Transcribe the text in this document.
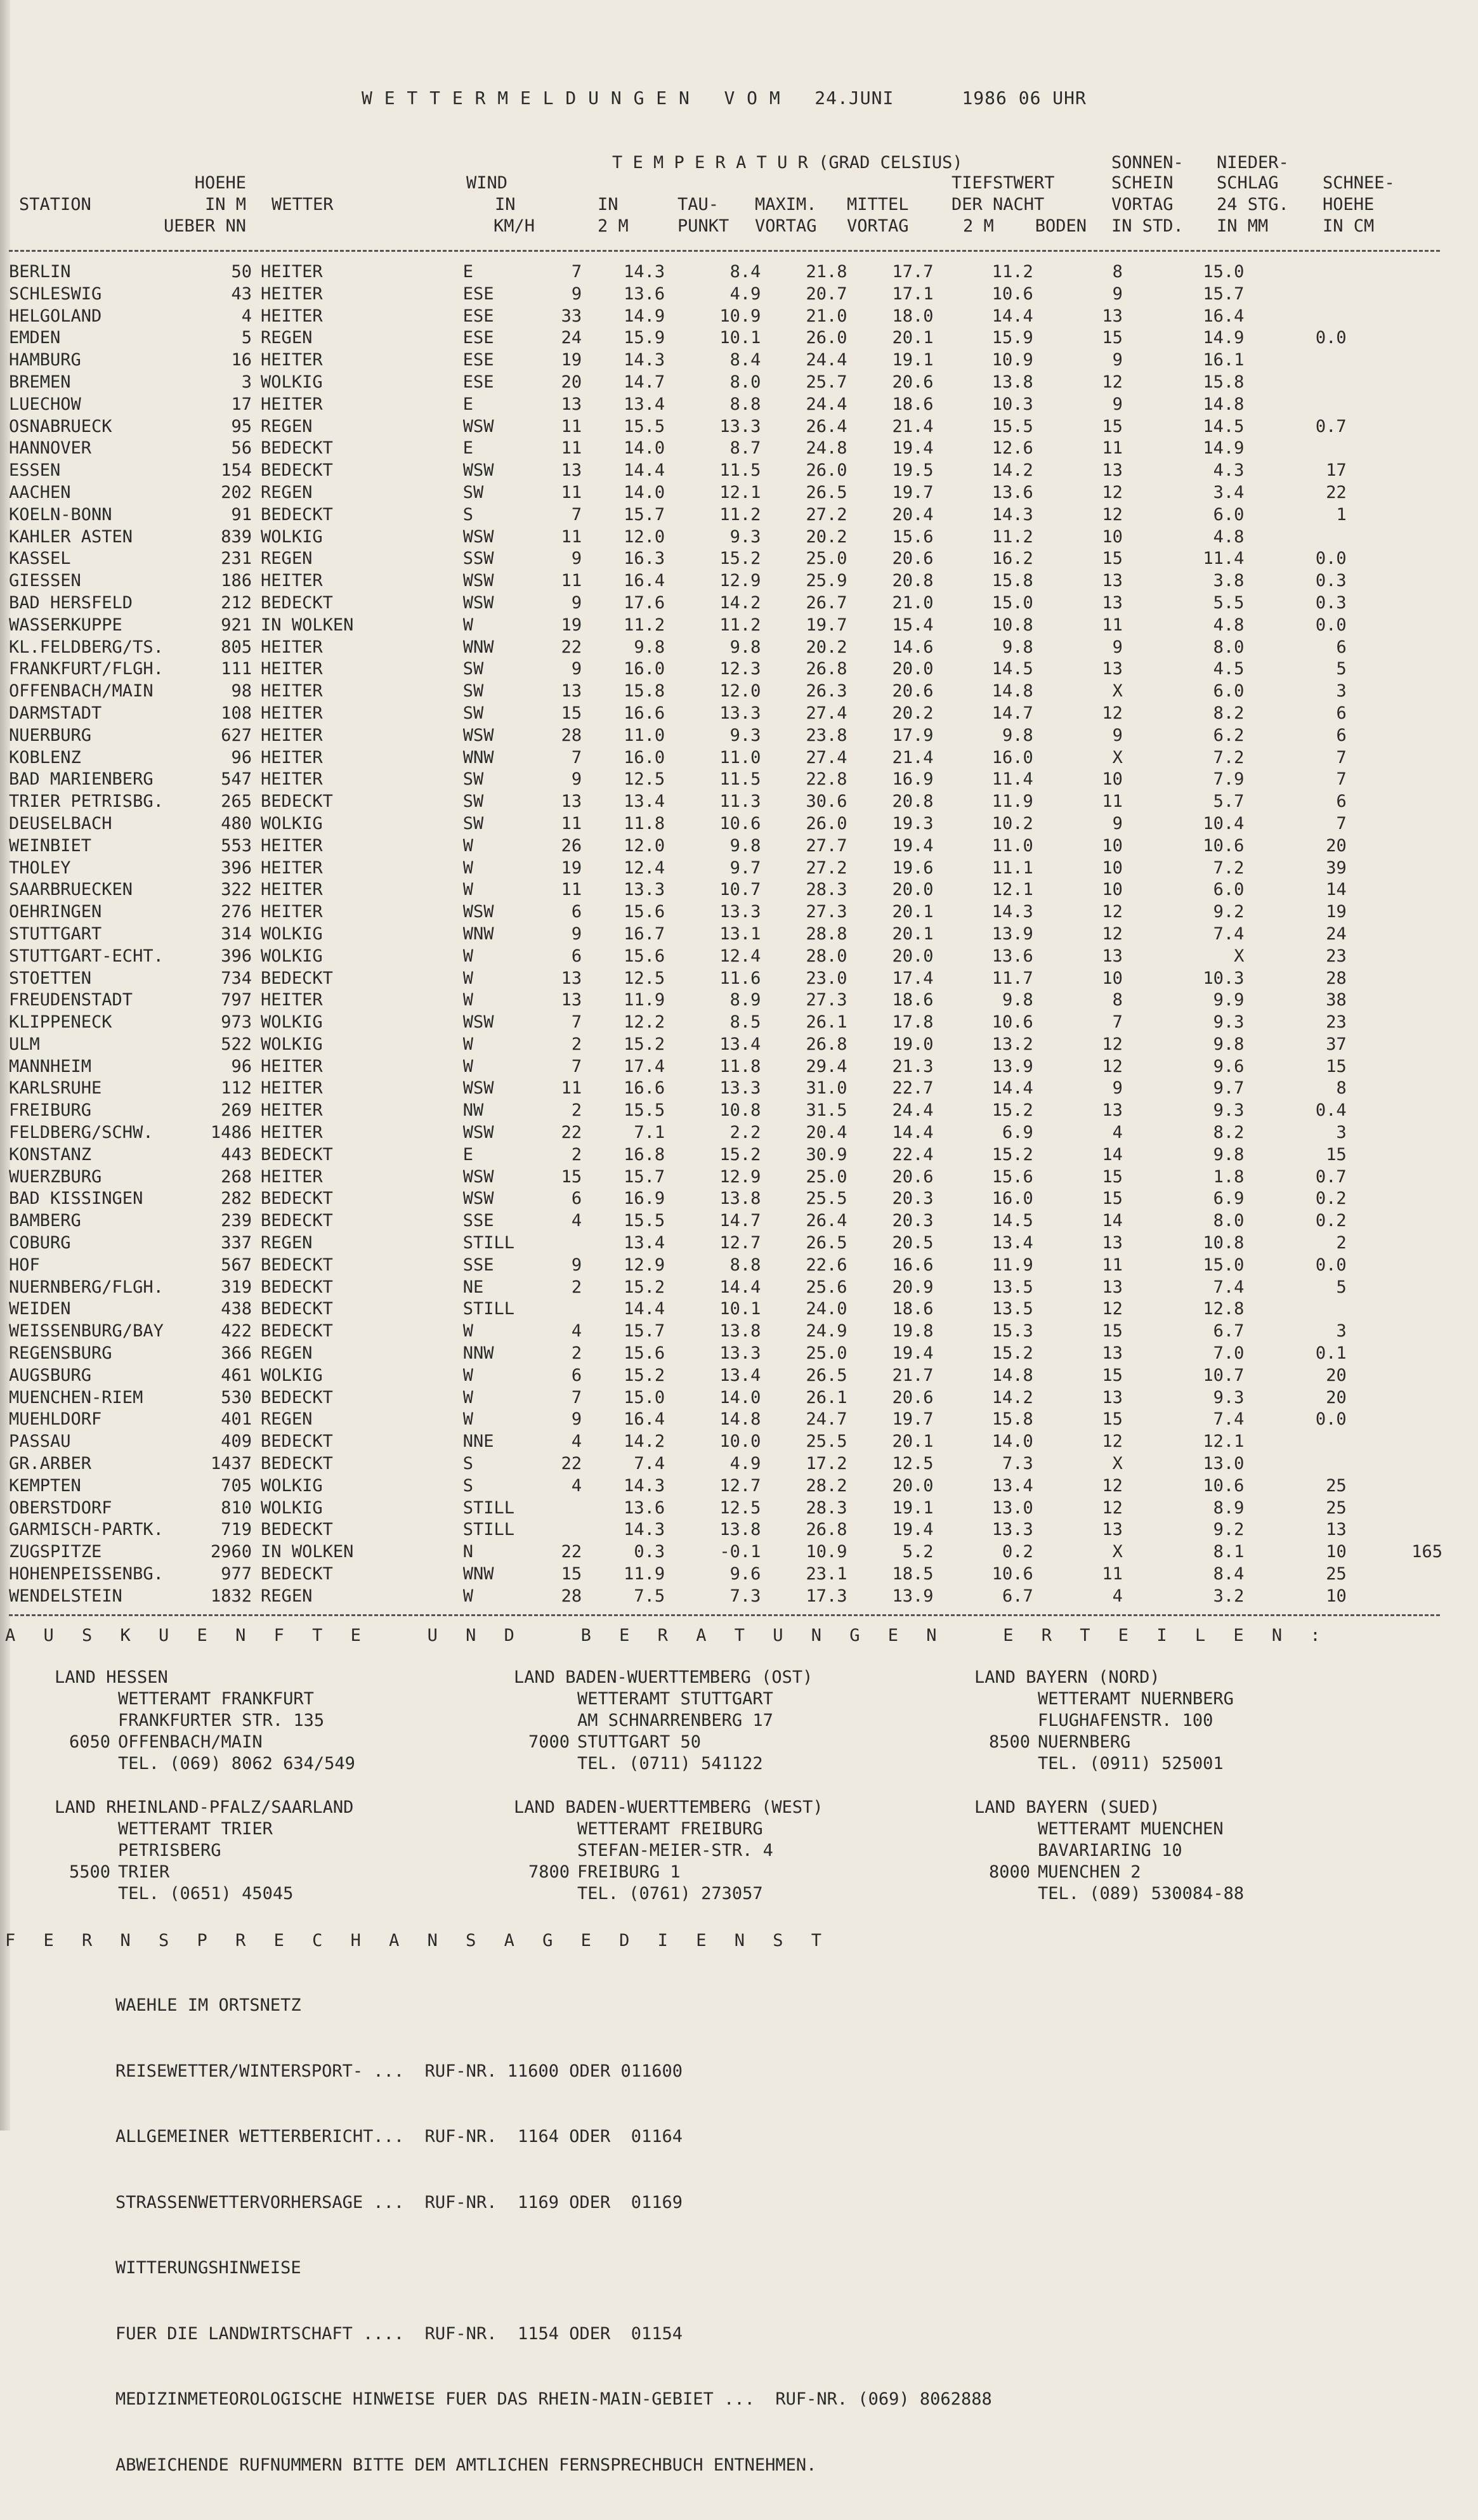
W E T T E R M E L D U N G E N   V O M   24.JUNI      1986 06 UHR
STATION
HOEHE
IN M
UEBER NN
WETTER
WIND
IN
KM/H
T E M P E R A T U R (GRAD CELSIUS)
IN
2 M
TAU-
PUNKT
MAXIM.
VORTAG
MITTEL
VORTAG
TIEFSTWERT
DER NACHT
2 M    BODEN
SONNEN-
SCHEIN
VORTAG
IN STD.
NIEDER-
SCHLAG
24 STG.
IN MM
SCHNEE-
HOEHE
IN CM
BERLIN	50	HEITER	E	7	14.3	8.4	21.8	17.7	11.2	8	15.0		
SCHLESWIG	43	HEITER	ESE	9	13.6	4.9	20.7	17.1	10.6	9	15.7		
HELGOLAND	4	HEITER	ESE	33	14.9	10.9	21.0	18.0	14.4	13	16.4		
EMDEN	5	REGEN	ESE	24	15.9	10.1	26.0	20.1	15.9	15	14.9	0.0	
HAMBURG	16	HEITER	ESE	19	14.3	8.4	24.4	19.1	10.9	9	16.1		
BREMEN	3	WOLKIG	ESE	20	14.7	8.0	25.7	20.6	13.8	12	15.8		
LUECHOW	17	HEITER	E	13	13.4	8.8	24.4	18.6	10.3	9	14.8		
OSNABRUECK	95	REGEN	WSW	11	15.5	13.3	26.4	21.4	15.5	15	14.5	0.7	
HANNOVER	56	BEDECKT	E	11	14.0	8.7	24.8	19.4	12.6	11	14.9		
ESSEN	154	BEDECKT	WSW	13	14.4	11.5	26.0	19.5	14.2	13	4.3	17	
AACHEN	202	REGEN	SW	11	14.0	12.1	26.5	19.7	13.6	12	3.4	22	
KOELN-BONN	91	BEDECKT	S	7	15.7	11.2	27.2	20.4	14.3	12	6.0	1	
KAHLER ASTEN	839	WOLKIG	WSW	11	12.0	9.3	20.2	15.6	11.2	10	4.8		
KASSEL	231	REGEN	SSW	9	16.3	15.2	25.0	20.6	16.2	15	11.4	0.0	
GIESSEN	186	HEITER	WSW	11	16.4	12.9	25.9	20.8	15.8	13	3.8	0.3	
BAD HERSFELD	212	BEDECKT	WSW	9	17.6	14.2	26.7	21.0	15.0	13	5.5	0.3	
WASSERKUPPE	921	IN WOLKEN	W	19	11.2	11.2	19.7	15.4	10.8	11	4.8	0.0	
KL.FELDBERG/TS.	805	HEITER	WNW	22	9.8	9.8	20.2	14.6	9.8	9	8.0	6	
FRANKFURT/FLGH.	111	HEITER	SW	9	16.0	12.3	26.8	20.0	14.5	13	4.5	5	
OFFENBACH/MAIN	98	HEITER	SW	13	15.8	12.0	26.3	20.6	14.8	X	6.0	3	
DARMSTADT	108	HEITER	SW	15	16.6	13.3	27.4	20.2	14.7	12	8.2	6	
NUERBURG	627	HEITER	WSW	28	11.0	9.3	23.8	17.9	9.8	9	6.2	6	
KOBLENZ	96	HEITER	WNW	7	16.0	11.0	27.4	21.4	16.0	X	7.2	7	
BAD MARIENBERG	547	HEITER	SW	9	12.5	11.5	22.8	16.9	11.4	10	7.9	7	
TRIER PETRISBG.	265	BEDECKT	SW	13	13.4	11.3	30.6	20.8	11.9	11	5.7	6	
DEUSELBACH	480	WOLKIG	SW	11	11.8	10.6	26.0	19.3	10.2	9	10.4	7	
WEINBIET	553	HEITER	W	26	12.0	9.8	27.7	19.4	11.0	10	10.6	20	
THOLEY	396	HEITER	W	19	12.4	9.7	27.2	19.6	11.1	10	7.2	39	
SAARBRUECKEN	322	HEITER	W	11	13.3	10.7	28.3	20.0	12.1	10	6.0	14	
OEHRINGEN	276	HEITER	WSW	6	15.6	13.3	27.3	20.1	14.3	12	9.2	19	
STUTTGART	314	WOLKIG	WNW	9	16.7	13.1	28.8	20.1	13.9	12	7.4	24	
STUTTGART-ECHT.	396	WOLKIG	W	6	15.6	12.4	28.0	20.0	13.6	13	X	23	
STOETTEN	734	BEDECKT	W	13	12.5	11.6	23.0	17.4	11.7	10	10.3	28	
FREUDENSTADT	797	HEITER	W	13	11.9	8.9	27.3	18.6	9.8	8	9.9	38	
KLIPPENECK	973	WOLKIG	WSW	7	12.2	8.5	26.1	17.8	10.6	7	9.3	23	
ULM	522	WOLKIG	W	2	15.2	13.4	26.8	19.0	13.2	12	9.8	37	
MANNHEIM	96	HEITER	W	7	17.4	11.8	29.4	21.3	13.9	12	9.6	15	
KARLSRUHE	112	HEITER	WSW	11	16.6	13.3	31.0	22.7	14.4	9	9.7	8	
FREIBURG	269	HEITER	NW	2	15.5	10.8	31.5	24.4	15.2	13	9.3	0.4	
FELDBERG/SCHW.	1486	HEITER	WSW	22	7.1	2.2	20.4	14.4	6.9	4	8.2	3	
KONSTANZ	443	BEDECKT	E	2	16.8	15.2	30.9	22.4	15.2	14	9.8	15	
WUERZBURG	268	HEITER	WSW	15	15.7	12.9	25.0	20.6	15.6	15	1.8	0.7	
BAD KISSINGEN	282	BEDECKT	WSW	6	16.9	13.8	25.5	20.3	16.0	15	6.9	0.2	
BAMBERG	239	BEDECKT	SSE	4	15.5	14.7	26.4	20.3	14.5	14	8.0	0.2	
COBURG	337	REGEN	STILL		13.4	12.7	26.5	20.5	13.4	13	10.8	2	
HOF	567	BEDECKT	SSE	9	12.9	8.8	22.6	16.6	11.9	11	15.0	0.0	
NUERNBERG/FLGH.	319	BEDECKT	NE	2	15.2	14.4	25.6	20.9	13.5	13	7.4	5	
WEIDEN	438	BEDECKT	STILL		14.4	10.1	24.0	18.6	13.5	12	12.8		
WEISSENBURG/BAY	422	BEDECKT	W	4	15.7	13.8	24.9	19.8	15.3	15	6.7	3	
REGENSBURG	366	REGEN	NNW	2	15.6	13.3	25.0	19.4	15.2	13	7.0	0.1	
AUGSBURG	461	WOLKIG	W	6	15.2	13.4	26.5	21.7	14.8	15	10.7	20	
MUENCHEN-RIEM	530	BEDECKT	W	7	15.0	14.0	26.1	20.6	14.2	13	9.3	20	
MUEHLDORF	401	REGEN	W	9	16.4	14.8	24.7	19.7	15.8	15	7.4	0.0	
PASSAU	409	BEDECKT	NNE	4	14.2	10.0	25.5	20.1	14.0	12	12.1		
GR.ARBER	1437	BEDECKT	S	22	7.4	4.9	17.2	12.5	7.3	X	13.0		
KEMPTEN	705	WOLKIG	S	4	14.3	12.7	28.2	20.0	13.4	12	10.6	25	
OBERSTDORF	810	WOLKIG	STILL		13.6	12.5	28.3	19.1	13.0	12	8.9	25	
GARMISCH-PARTK.	719	BEDECKT	STILL		14.3	13.8	26.8	19.4	13.3	13	9.2	13	
ZUGSPITZE	2960	IN WOLKEN	N	22	0.3	-0.1	10.9	5.2	0.2	X	8.1	10	165
HOHENPEISSENBG.	977	BEDECKT	WNW	15	11.9	9.6	23.1	18.5	10.6	11	8.4	25	
WENDELSTEIN	1832	REGEN	W	28	7.5	7.3	17.3	13.9	6.7	4	3.2	10	
A U S K U E N F T E   U N D   B E R A T U N G E N   E R T E I L E N :
LAND HESSEN
WETTERAMT FRANKFURT
FRANKFURTER STR. 135
6050 OFFENBACH/MAIN
TEL. (069) 8062 634/549
LAND BADEN-WUERTTEMBERG (OST)
WETTERAMT STUTTGART
AM SCHNARRENBERG 17
7000 STUTTGART 50
TEL. (0711) 541122
LAND BAYERN (NORD)
WETTERAMT NUERNBERG
FLUGHAFENSTR. 100
8500 NUERNBERG
TEL. (0911) 525001
LAND RHEINLAND-PFALZ/SAARLAND
WETTERAMT TRIER
PETRISBERG
5500 TRIER
TEL. (0651) 45045
LAND BADEN-WUERTTEMBERG (WEST)
WETTERAMT FREIBURG
STEFAN-MEIER-STR. 4
7800 FREIBURG 1
TEL. (0761) 273057
LAND BAYERN (SUED)
WETTERAMT MUENCHEN
BAVARIARING 10
8000 MUENCHEN 2
TEL. (089) 530084-88
F E R N S P R E C H A N S A G E D I E N S T

WAEHLE IM ORTSNETZ

REISEWETTER/WINTERSPORT- ...  RUF-NR. 11600 ODER 011600

ALLGEMEINER WETTERBERICHT...  RUF-NR.  1164 ODER  01164

STRASSENWETTERVORHERSAGE ...  RUF-NR.  1169 ODER  01169

WITTERUNGSHINWEISE

FUER DIE LANDWIRTSCHAFT ....  RUF-NR.  1154 ODER  01154

MEDIZINMETEOROLOGISCHE HINWEISE FUER DAS RHEIN-MAIN-GEBIET ...  RUF-NR. (069) 8062888

ABWEICHENDE RUFNUMMERN BITTE DEM AMTLICHEN FERNSPRECHBUCH ENTNEHMEN.
